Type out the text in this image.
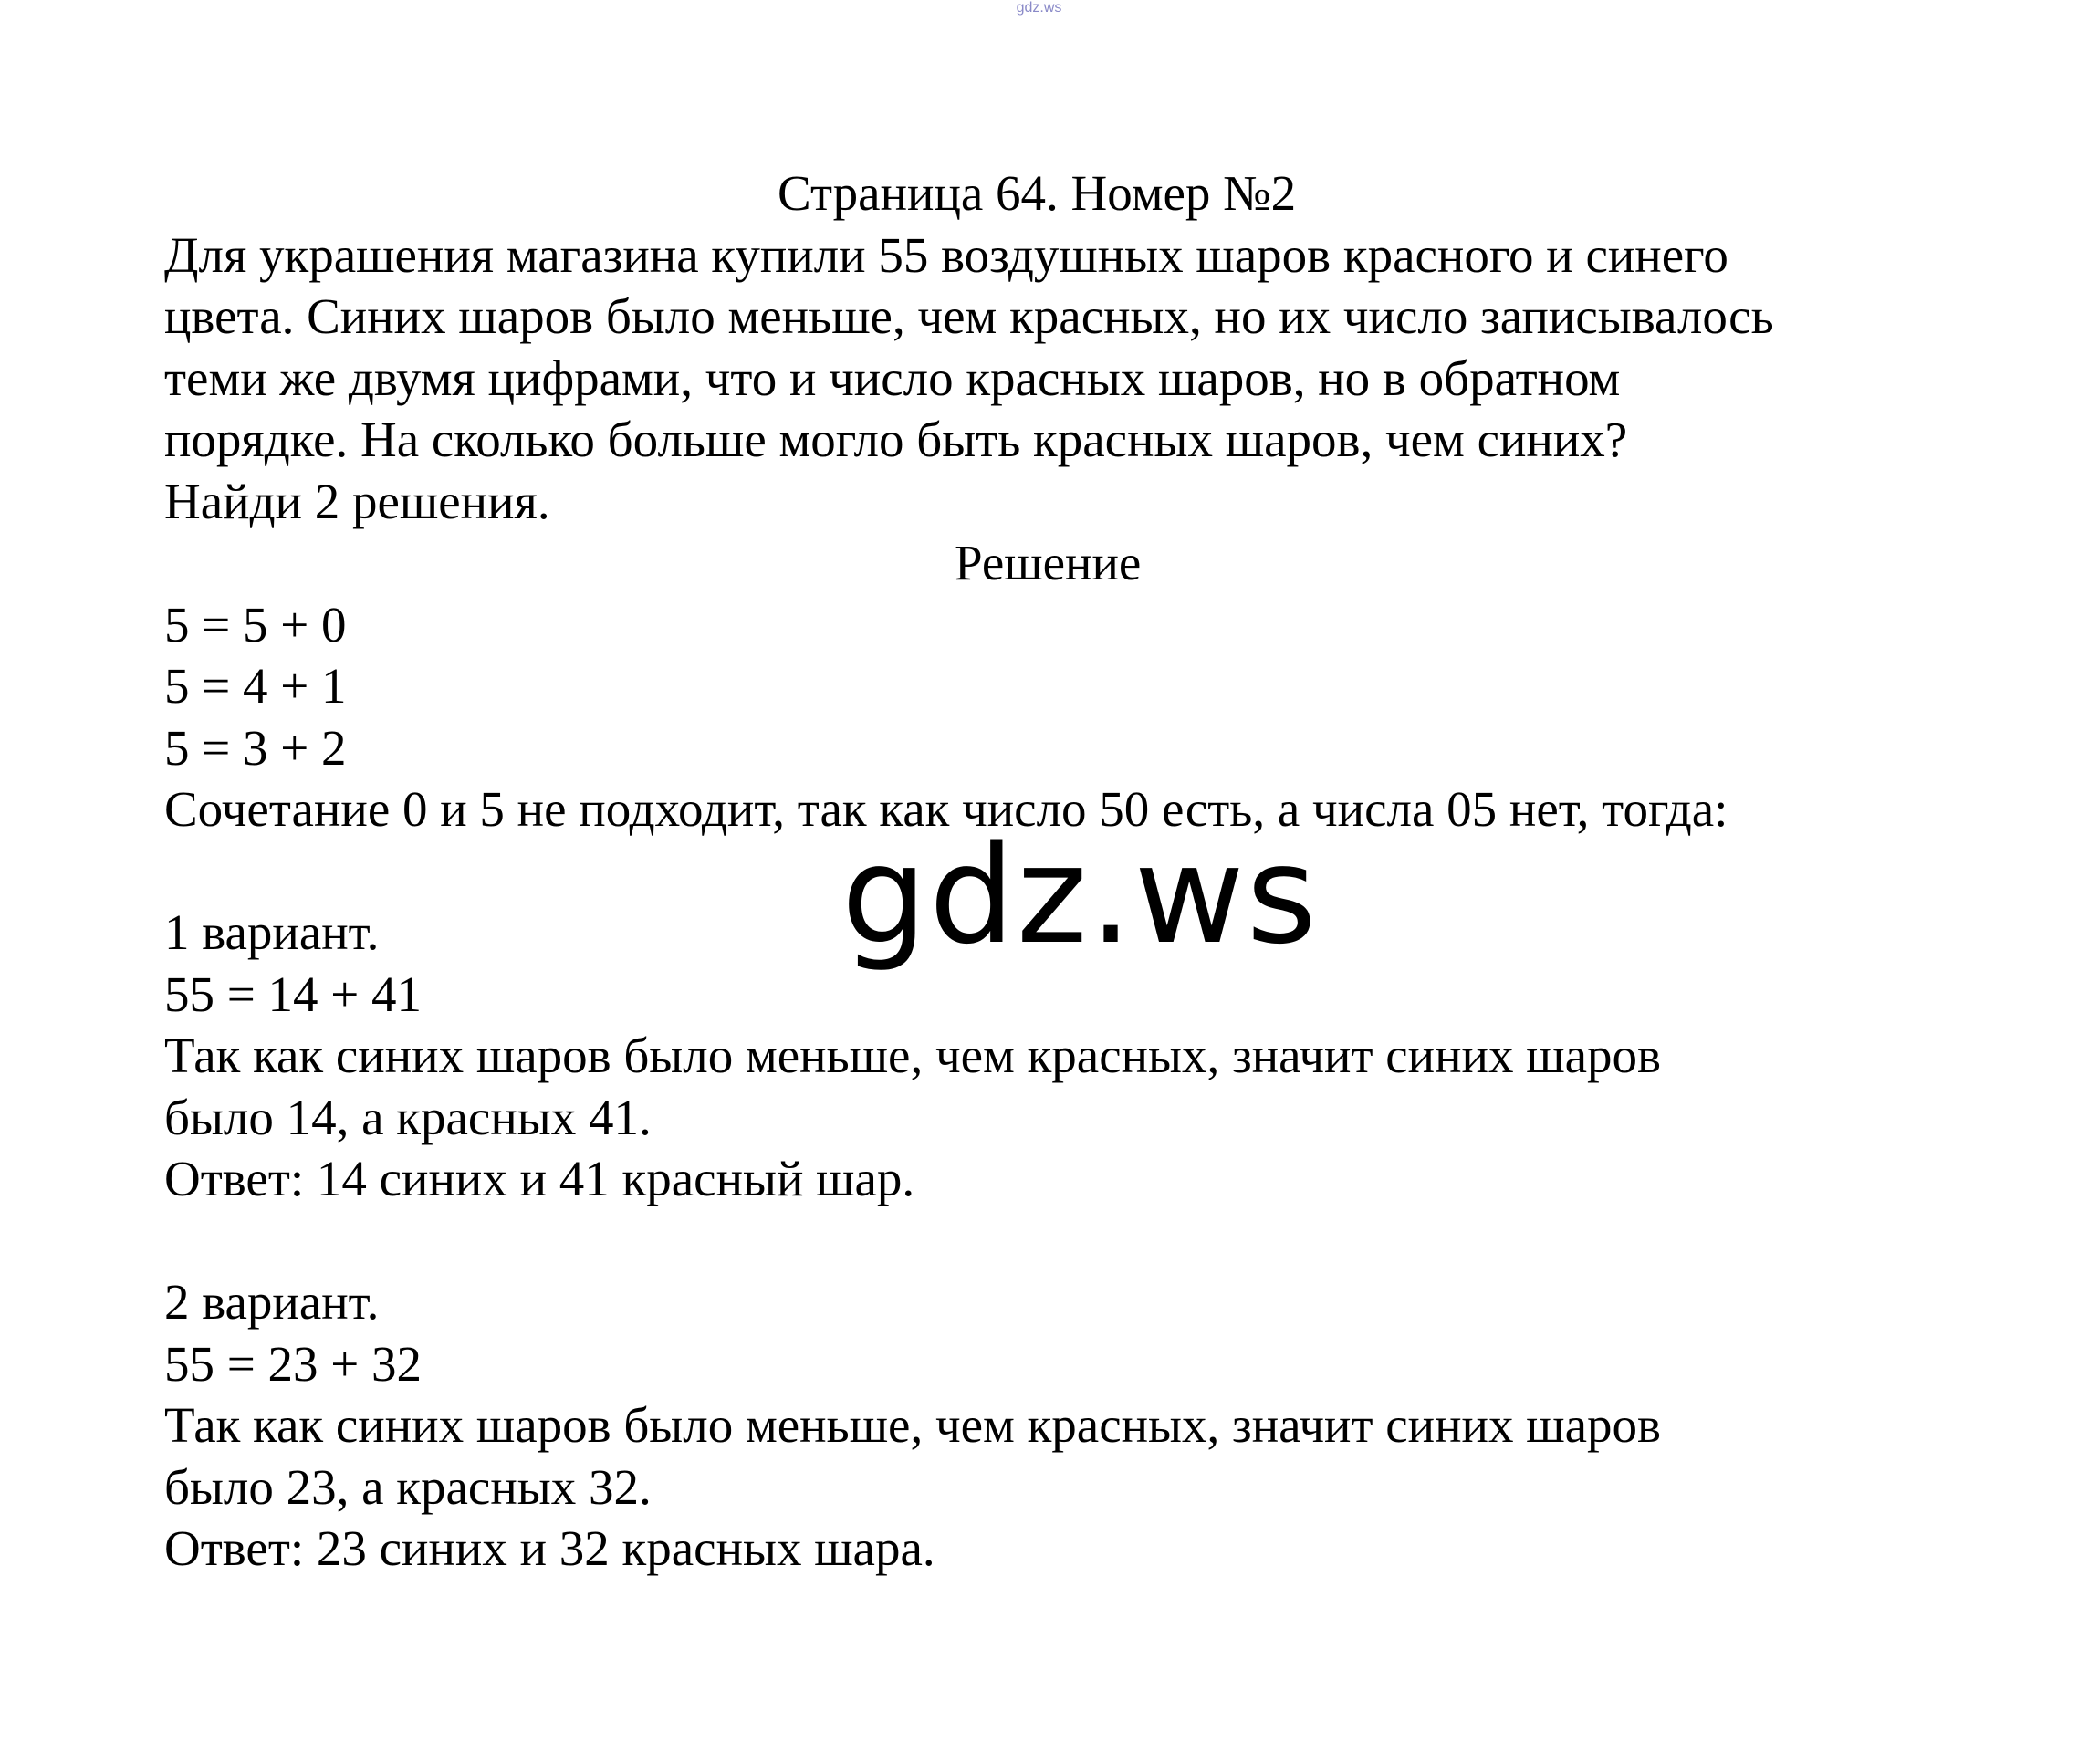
gdz.ws
Страница 64. Номер №2
Для украшения магазина купили 55 воздушных шаров красного и синего
цвета. Синих шаров было меньше, чем красных, но их число записывалось
теми же двумя цифрами, что и число красных шаров, но в обратном
порядке. На сколько больше могло быть красных шаров, чем синих?
Найди 2 решения.
Решение
5 = 5 + 0
5 = 4 + 1
5 = 3 + 2
Сочетание 0 и 5 не подходит, так как число 50 есть, а числа 05 нет, тогда:
1 вариант.
55 = 14 + 41
Так как синих шаров было меньше, чем красных, значит синих шаров
было 14, а красных 41.
Ответ: 14 синих и 41 красный шар.
2 вариант.
55 = 23 + 32
Так как синих шаров было меньше, чем красных, значит синих шаров
было 23, а красных 32.
Ответ: 23 синих и 32 красных шара.
gdz.ws
